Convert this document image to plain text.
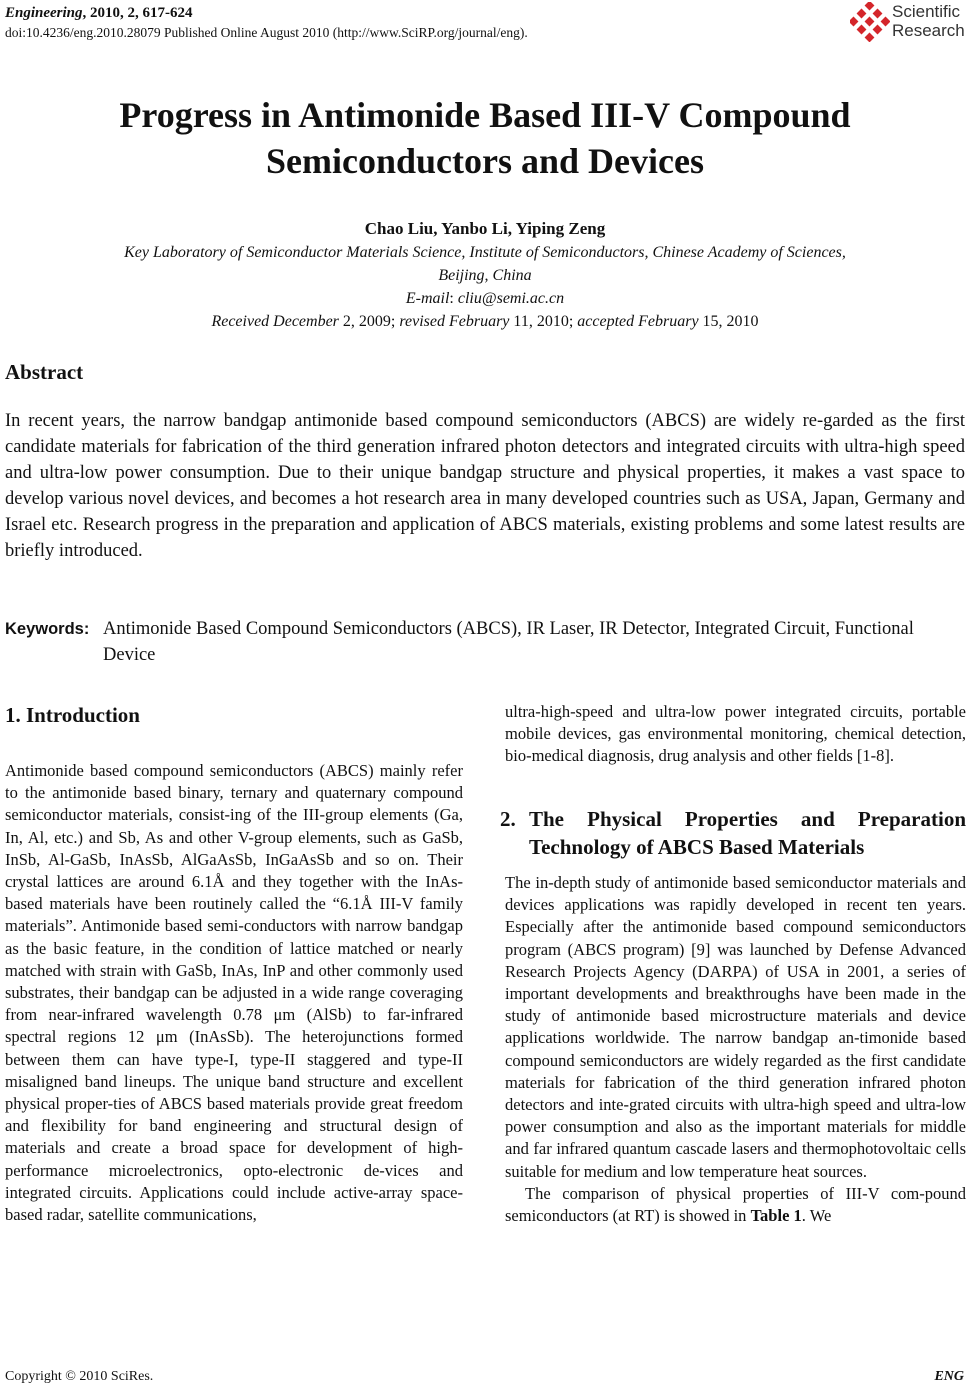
Engineering, 2010, 2, 617-624
doi:10.4236/eng.2010.28079 Published Online August 2010 (http://www.SciRP.org/journal/eng).
Scientific
Research
Progress in Antimonide Based III-V Compound
Semiconductors and Devices
Chao Liu, Yanbo Li, Yiping Zeng
Key Laboratory of Semiconductor Materials Science, Institute of Semiconductors, Chinese Academy of Sciences,
Beijing, China
E-mail: cliu@semi.ac.cn
Received December 2, 2009; revised February 11, 2010; accepted February 15, 2010
Abstract
In recent years, the narrow bandgap antimonide based compound semiconductors (ABCS) are widely re-garded as the first candidate materials for fabrication of the third generation infrared photon detectors and integrated circuits with ultra-high speed and ultra-low power consumption. Due to their unique bandgap structure and physical properties, it makes a vast space to develop various novel devices, and becomes a hot research area in many developed countries such as USA, Japan, Germany and Israel etc. Research progress in the preparation and application of ABCS materials, existing problems and some latest results are briefly introduced.
Keywords: Antimonide Based Compound Semiconductors (ABCS), IR Laser, IR Detector, Integrated Circuit, Functional Device
1. Introduction

Antimonide based compound semiconductors (ABCS) mainly refer to the antimonide based binary, ternary and quaternary compound semiconductor materials, consist-ing of the III-group elements (Ga, In, Al, etc.) and Sb, As and other V-group elements, such as GaSb, InSb, Al-GaSb, InAsSb, AlGaAsSb, InGaAsSb and so on. Their crystal lattices are around 6.1Å and they together with the InAs-based materials have been routinely called the “6.1Å III-V family materials”. Antimonide based semi-conductors with narrow bandgap as the basic feature, in the condition of lattice matched or nearly matched with strain with GaSb, InAs, InP and other commonly used substrates, their bandgap can be adjusted in a wide range coveraging from near-infrared wavelength 0.78 μm (AlSb) to far-infrared spectral regions 12 μm (InAsSb). The heterojunctions formed between them can have type-I, type-II staggered and type-II misaligned band lineups. The unique band structure and excellent physical proper-ties of ABCS based materials provide great freedom and flexibility for band engineering and structural design of materials and create a broad space for development of high-performance microelectronics, opto-electronic de-vices and integrated circuits. Applications could include active-array space-based radar, satellite communications,

ultra-high-speed and ultra-low power integrated circuits, portable mobile devices, gas environmental monitoring, chemical detection, bio-medical diagnosis, drug analysis and other fields [1-8].

2. The Physical Properties and Preparation
Technology of ABCS Based Materials

The in-depth study of antimonide based semiconductor materials and devices applications was rapidly developed in recent ten years. Especially after the antimonide based compound semiconductors program (ABCS program) [9] was launched by Defense Advanced Research Projects Agency (DARPA) of USA in 2001, a series of important developments and breakthroughs have been made in the study of antimonide based microstructure materials and device applications worldwide. The narrow bandgap an-timonide based compound semiconductors are widely regarded as the first candidate materials for fabrication of the third generation infrared photon detectors and inte-grated circuits with ultra-high speed and ultra-low power consumption and also as the important materials for middle and far infrared quantum cascade lasers and thermophotovoltaic cells suitable for medium and low temperature heat sources.

The comparison of physical properties of III-V com-pound semiconductors (at RT) is showed in Table 1. We

Copyright © 2010 SciRes.	ENG
